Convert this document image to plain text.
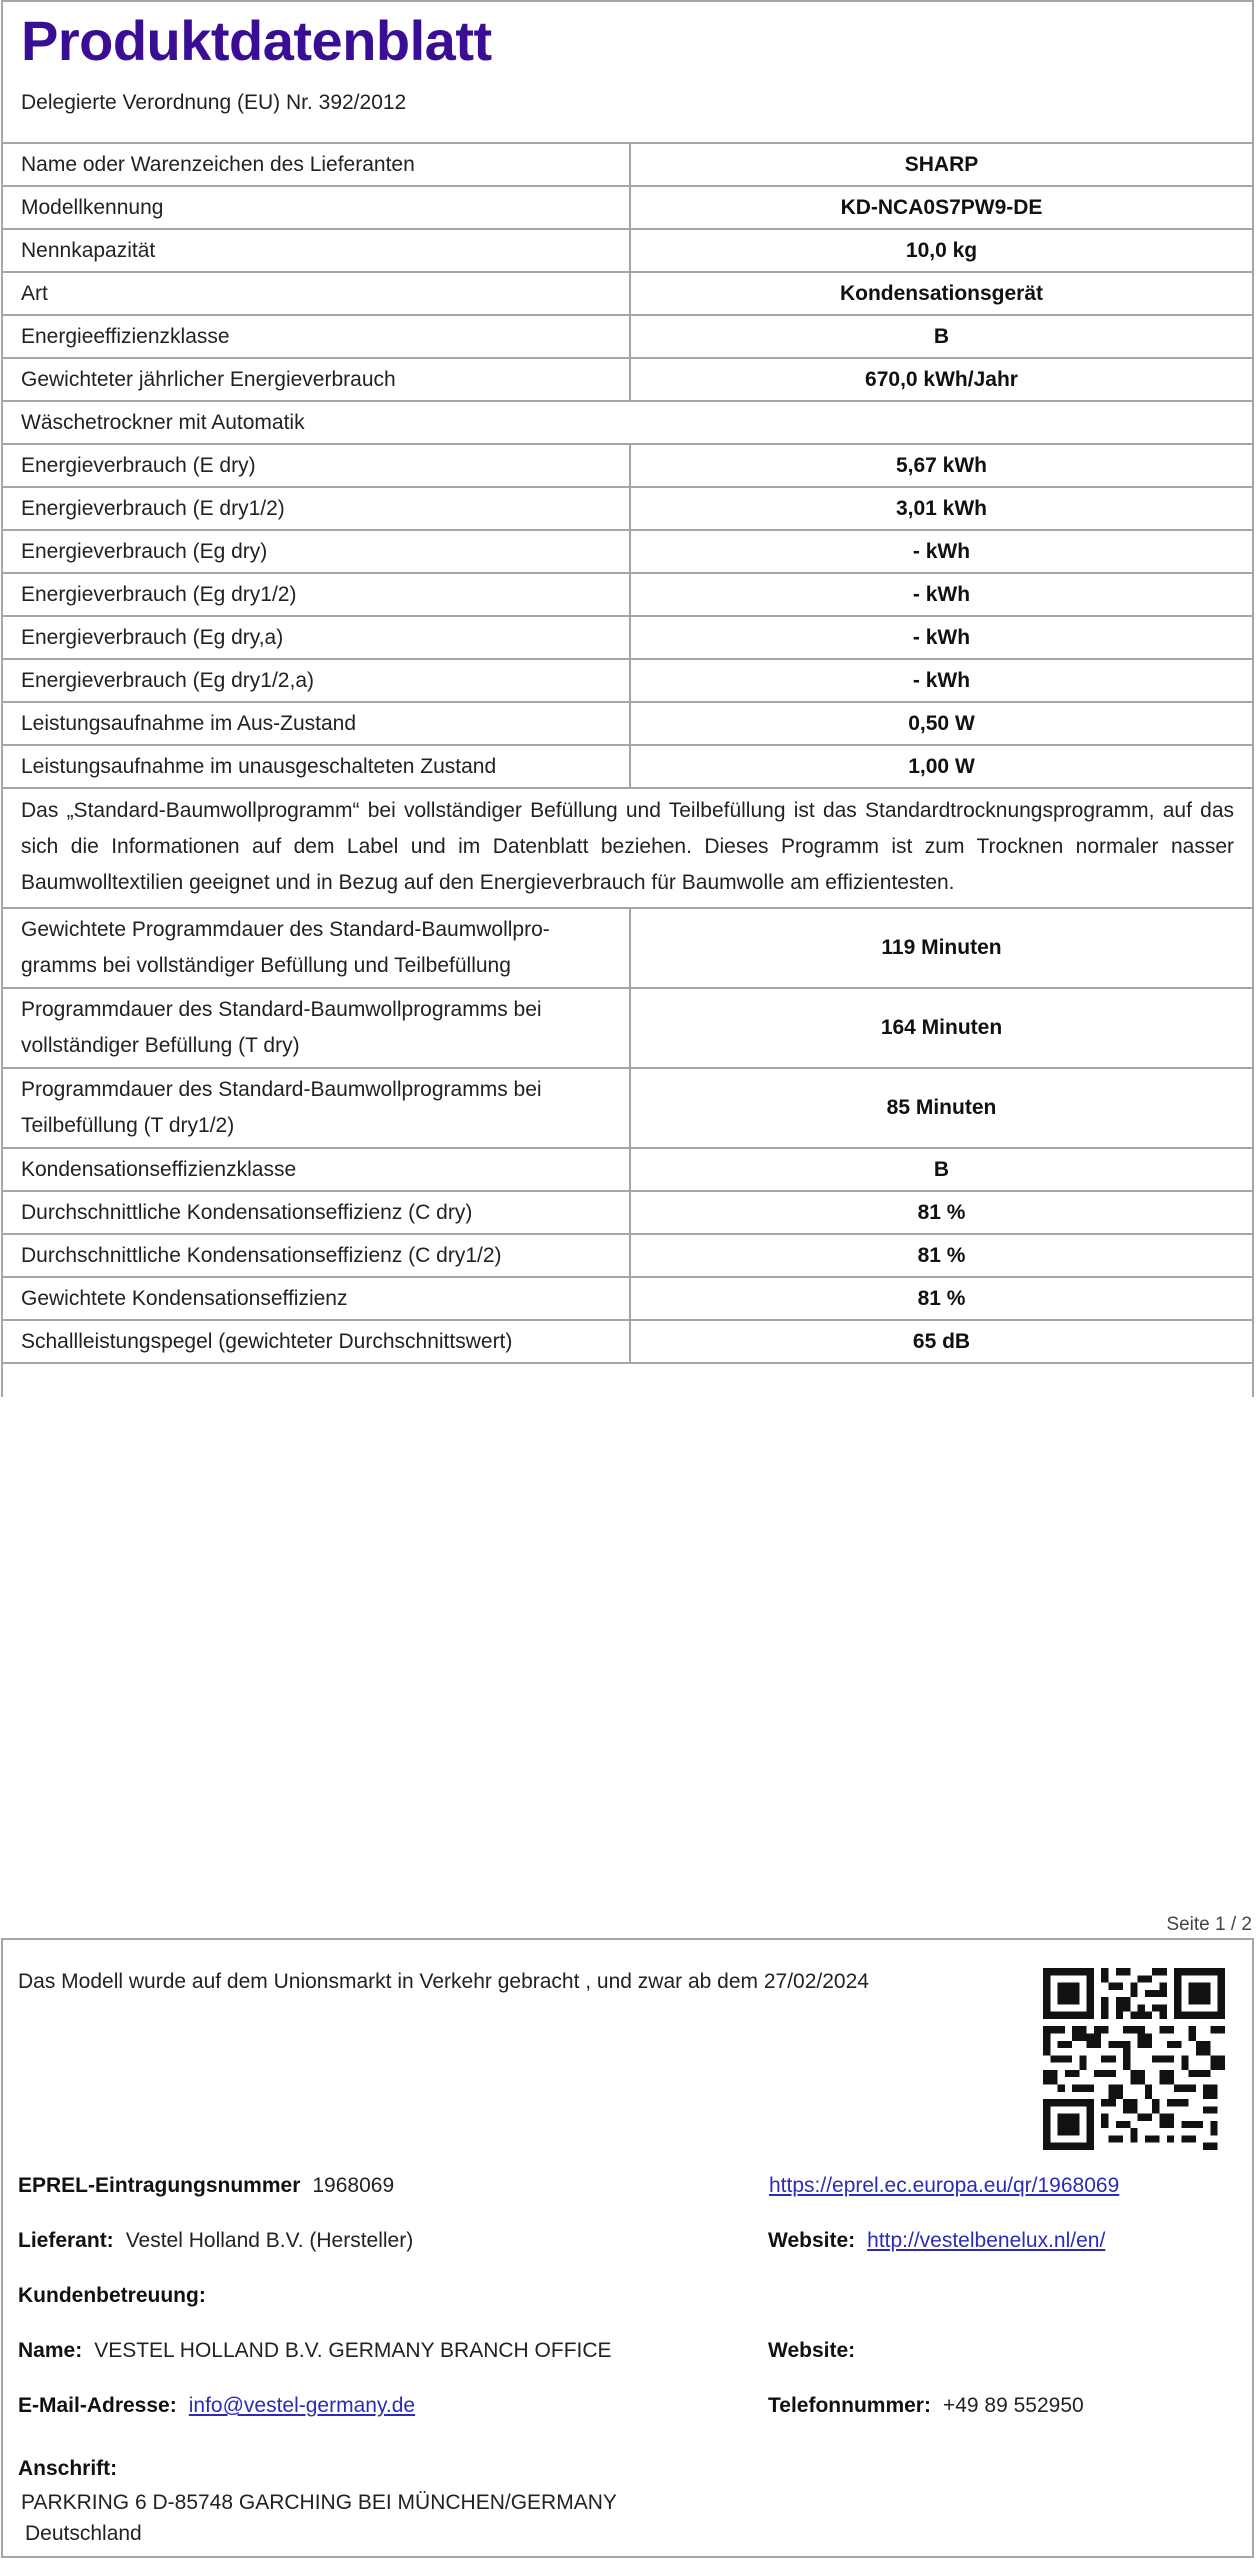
Produktdatenblatt
Delegierte Verordnung (EU) Nr. 392/2012
Name oder Warenzeichen des Lieferanten	SHARP
Modellkennung	KD-NCA0S7PW9-DE
Nennkapazität	10,0 kg
Art	Kondensationsgerät
Energieeffizienzklasse	B
Gewichteter jährlicher Energieverbrauch	670,0 kWh/Jahr
Wäschetrockner mit Automatik	
Energieverbrauch (E dry)	5,67 kWh
Energieverbrauch (E dry1/2)	3,01 kWh
Energieverbrauch (Eg dry)	- kWh
Energieverbrauch (Eg dry1/2)	- kWh
Energieverbrauch (Eg dry,a)	- kWh
Energieverbrauch (Eg dry1/2,a)	- kWh
Leistungsaufnahme im Aus-Zustand	0,50 W
Leistungsaufnahme im unausgeschalteten Zustand	1,00 W
Das „Standard-Baumwollprogramm“ bei vollständiger Befüllung und Teilbefüllung ist das Standardtrocknungsprogramm, auf das sich die Informationen auf dem Label und im Datenblatt beziehen. Dieses Programm ist zum Trocknen normaler nasser Baumwolltextilien geeignet und in Bezug auf den Energieverbrauch für Baumwolle am effizientesten.	
Gewichtete Programmdauer des Standard-Baumwollprogramms bei vollständiger Befüllung und Teilbefüllung	119 Minuten
Programmdauer des Standard-Baumwollprogramms bei vollständiger Befüllung (T dry)	164 Minuten
Programmdauer des Standard-Baumwollprogramms bei Teilbefüllung (T dry1/2)	85 Minuten
Kondensationseffizienzklasse	B
Durchschnittliche Kondensationseffizienz (C dry)	81 %
Durchschnittliche Kondensationseffizienz (C dry1/2)	81 %
Gewichtete Kondensationseffizienz	81 %
Schallleistungspegel (gewichteter Durchschnittswert)	65 dB
Seite 1 / 2
Das Modell wurde auf dem Unionsmarkt in Verkehr gebracht , und zwar ab dem 27/02/2024
EPREL-Eintragungsnummer 1968069	https://eprel.ec.europa.eu/qr/1968069
Lieferant: Vestel Holland B.V. (Hersteller)	Website: http://vestelbenelux.nl/en/
Kundenbetreuung:
Name: VESTEL HOLLAND B.V. GERMANY BRANCH OFFICE	Website:
E-Mail-Adresse: info@vestel-germany.de	Telefonnummer: +49 89 552950
Anschrift:
PARKRING 6 D-85748 GARCHING BEI MÜNCHEN/GERMANY
Deutschland
